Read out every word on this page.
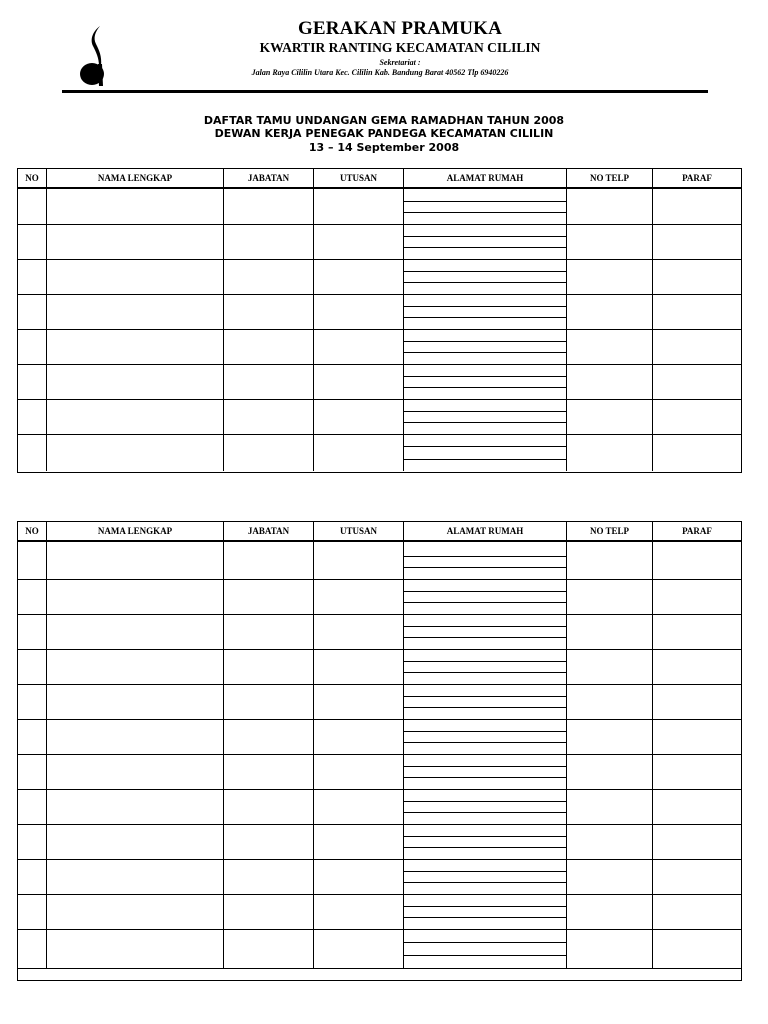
GERAKAN PRAMUKA
KWARTIR RANTING KECAMATAN CILILIN
Sekretariat :
Jalan Raya Cililin Utara Kec. Cililin Kab. Bandung Barat 40562 Tlp 6940226
DAFTAR TAMU UNDANGAN GEMA RAMADHAN TAHUN 2008
DEWAN KERJA PENEGAK PANDEGA KECAMATAN CILILIN
13 – 14 September 2008
NO	NAMA LENGKAP	JABATAN	UTUSAN	ALAMAT RUMAH	NO TELP	PARAF
NO	NAMA LENGKAP	JABATAN	UTUSAN	ALAMAT RUMAH	NO TELP	PARAF
